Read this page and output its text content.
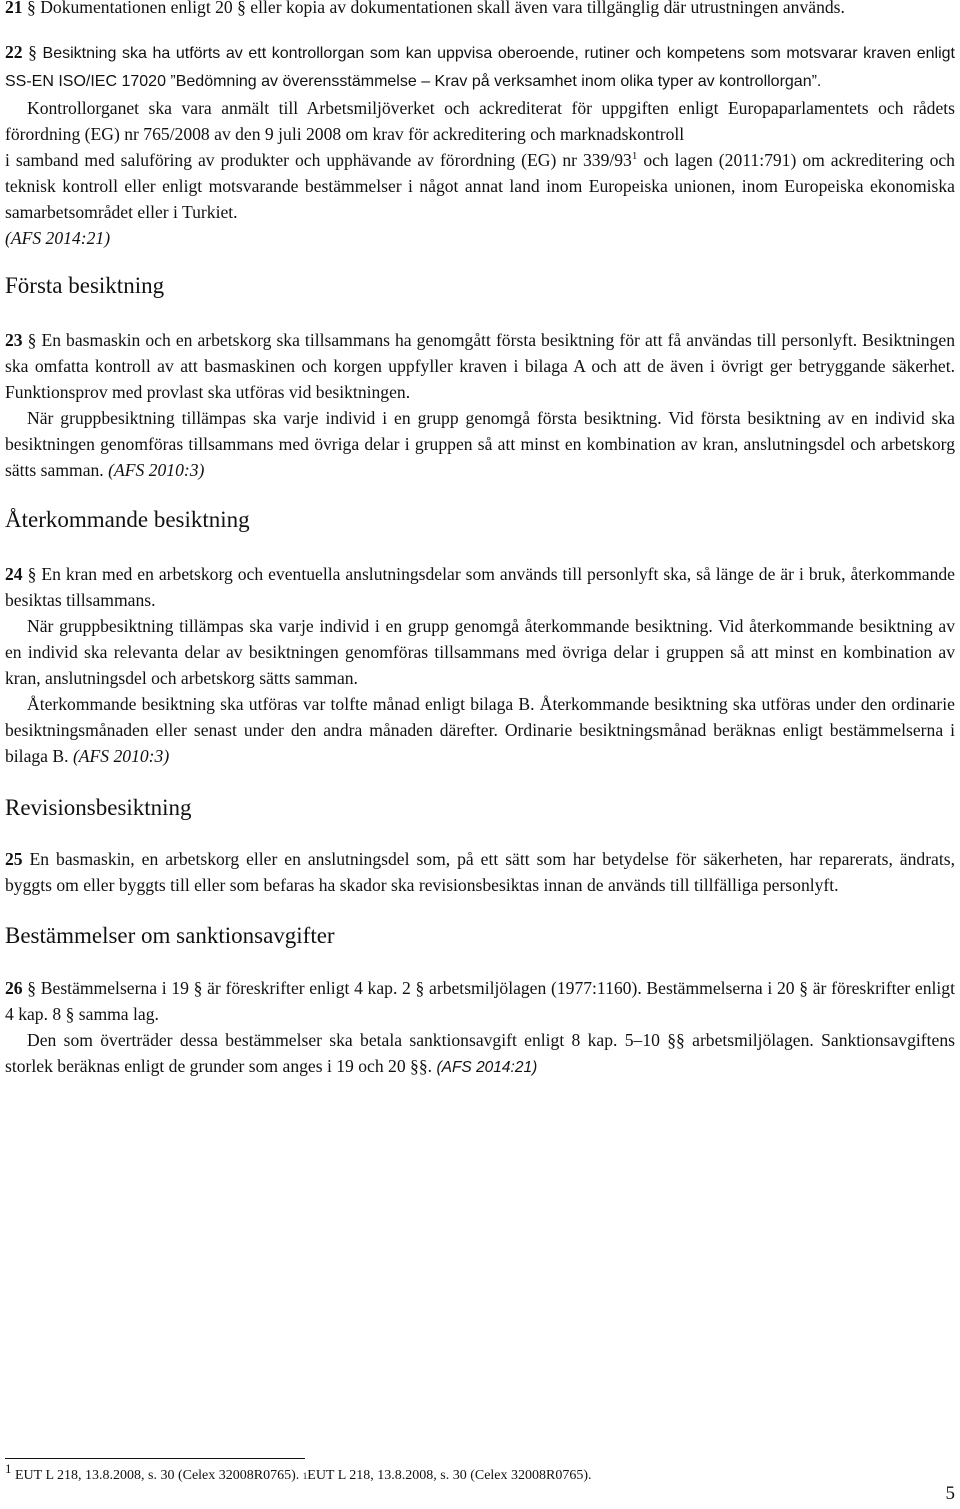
21 § Dokumentationen enligt 20 § eller kopia av dokumentationen skall även vara tillgänglig där utrustningen används.

22 § Besiktning ska ha utförts av ett kontrollorgan som kan uppvisa oberoende, rutiner och kompetens som motsvarar kraven enligt SS-EN ISO/IEC 17020 ”Bedömning av överensstämmelse – Krav på verksamhet inom olika typer av kontrollorgan”.

Kontrollorganet ska vara anmält till Arbetsmiljöverket och ackrediterat för uppgiften enligt Europaparlamentets och rådets förordning (EG) nr 765/2008 av den 9 juli 2008 om krav för ackreditering och marknadskontroll

i samband med saluföring av produkter och upphävande av förordning (EG) nr $339/93^1$ och lagen (2011:791) om ackreditering och teknisk kontroll eller enligt motsvarande bestämmelser i något annat land inom Europeiska unionen, inom Europeiska ekonomiska samarbetsområdet eller i Turkiet.

(AFS 2014:21)

Första besiktning

23 § En basmaskin och en arbetskorg ska tillsammans ha genomgått första besiktning för att få användas till personlyft. Besiktningen ska omfatta kontroll av att basmaskinen och korgen uppfyller kraven i bilaga A och att de även i övrigt ger betryggande säkerhet. Funktionsprov med provlast ska utföras vid besiktningen.

När gruppbesiktning tillämpas ska varje individ i en grupp genomgå första besiktning. Vid första besiktning av en individ ska besiktningen genomföras tillsammans med övriga delar i gruppen så att minst en kombination av kran, anslutningsdel och arbetskorg sätts samman. (AFS 2010:3)

Återkommande besiktning

24 § En kran med en arbetskorg och eventuella anslutningsdelar som används till personlyft ska, så länge de är i bruk, återkommande besiktas tillsammans.

När gruppbesiktning tillämpas ska varje individ i en grupp genomgå återkommande besiktning. Vid återkommande besiktning av en individ ska relevanta delar av besiktningen genomföras tillsammans med övriga delar i gruppen så att minst en kombination av kran, anslutningsdel och arbetskorg sätts samman.

Återkommande besiktning ska utföras var tolfte månad enligt bilaga B. Återkommande besiktning ska utföras under den ordinarie besiktningsmånaden eller senast under den andra månaden därefter. Ordinarie besiktningsmånad beräknas enligt bestämmelserna i bilaga B. (AFS 2010:3)

Revisionsbesiktning

25 En basmaskin, en arbetskorg eller en anslutningsdel som, på ett sätt som har betydelse för säkerheten, har reparerats, ändrats, byggts om eller byggts till eller som befaras ha skador ska revisionsbesiktas innan de används till tillfälliga personlyft.

Bestämmelser om sanktionsavgifter

26 § Bestämmelserna i 19 § är föreskrifter enligt 4 kap. 2 § arbetsmiljölagen (1977:1160). Bestämmelserna i 20 § är föreskrifter enligt 4 kap. 8 § samma lag.

Den som överträder dessa bestämmelser ska betala sanktionsavgift enligt 8 kap. 5–10 §§ arbetsmiljölagen. Sanktionsavgiftens storlek beräknas enligt de grunder som anges i 19 och 20 §§. (AFS 2014:21)

$^1$ EUT L 218, 13.8.2008, s. 30 (Celex 32008R0765). 1EUT L 218, 13.8.2008, s. 30 (Celex 32008R0765).
5
